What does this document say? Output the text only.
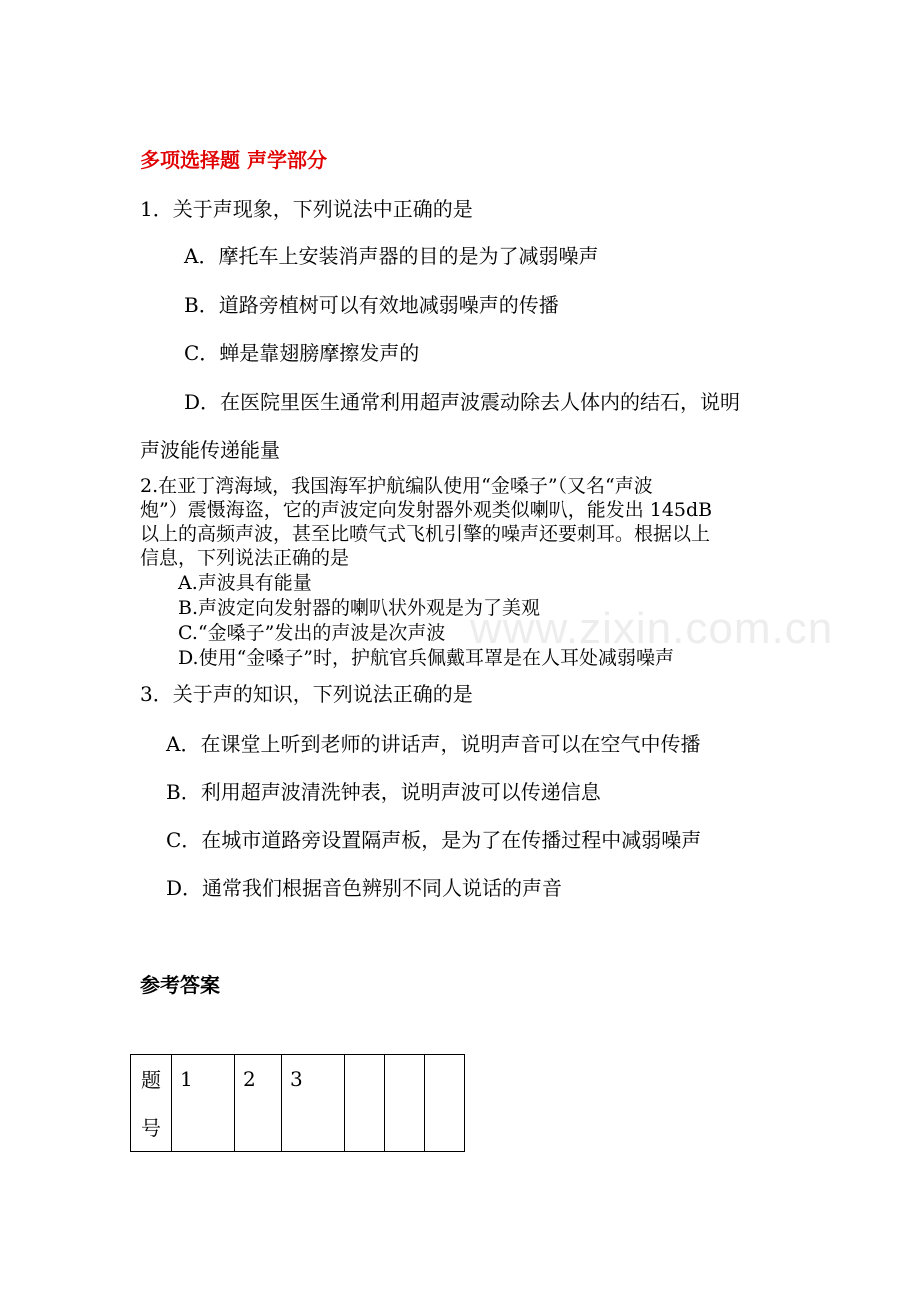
www.zixin.com.cn
多项选择题 声学部分
1．关于声现象，下列说法中正确的是
A．摩托车上安装消声器的目的是为了减弱噪声
B．道路旁植树可以有效地减弱噪声的传播
C．蝉是靠翅膀摩擦发声的
D．在医院里医生通常利用超声波震动除去人体内的结石，说明
声波能传递能量
2.在亚丁湾海域，我国海军护航编队使用“金嗓子”（又名“声波
炮”）震慑海盗，它的声波定向发射器外观类似喇叭，能发出 145dB
以上的高频声波，甚至比喷气式飞机引擎的噪声还要刺耳。根据以上
信息，下列说法正确的是
A.声波具有能量
B.声波定向发射器的喇叭状外观是为了美观
C.“金嗓子”发出的声波是次声波
D.使用“金嗓子”时，护航官兵佩戴耳罩是在人耳处减弱噪声
3．关于声的知识，下列说法正确的是
A．在课堂上听到老师的讲话声，说明声音可以在空气中传播
B．利用超声波清洗钟表，说明声波可以传递信息
C．在城市道路旁设置隔声板，是为了在传播过程中减弱噪声
D．通常我们根据音色辨别不同人说话的声音
参考答案
题
号
	1	2	3			
